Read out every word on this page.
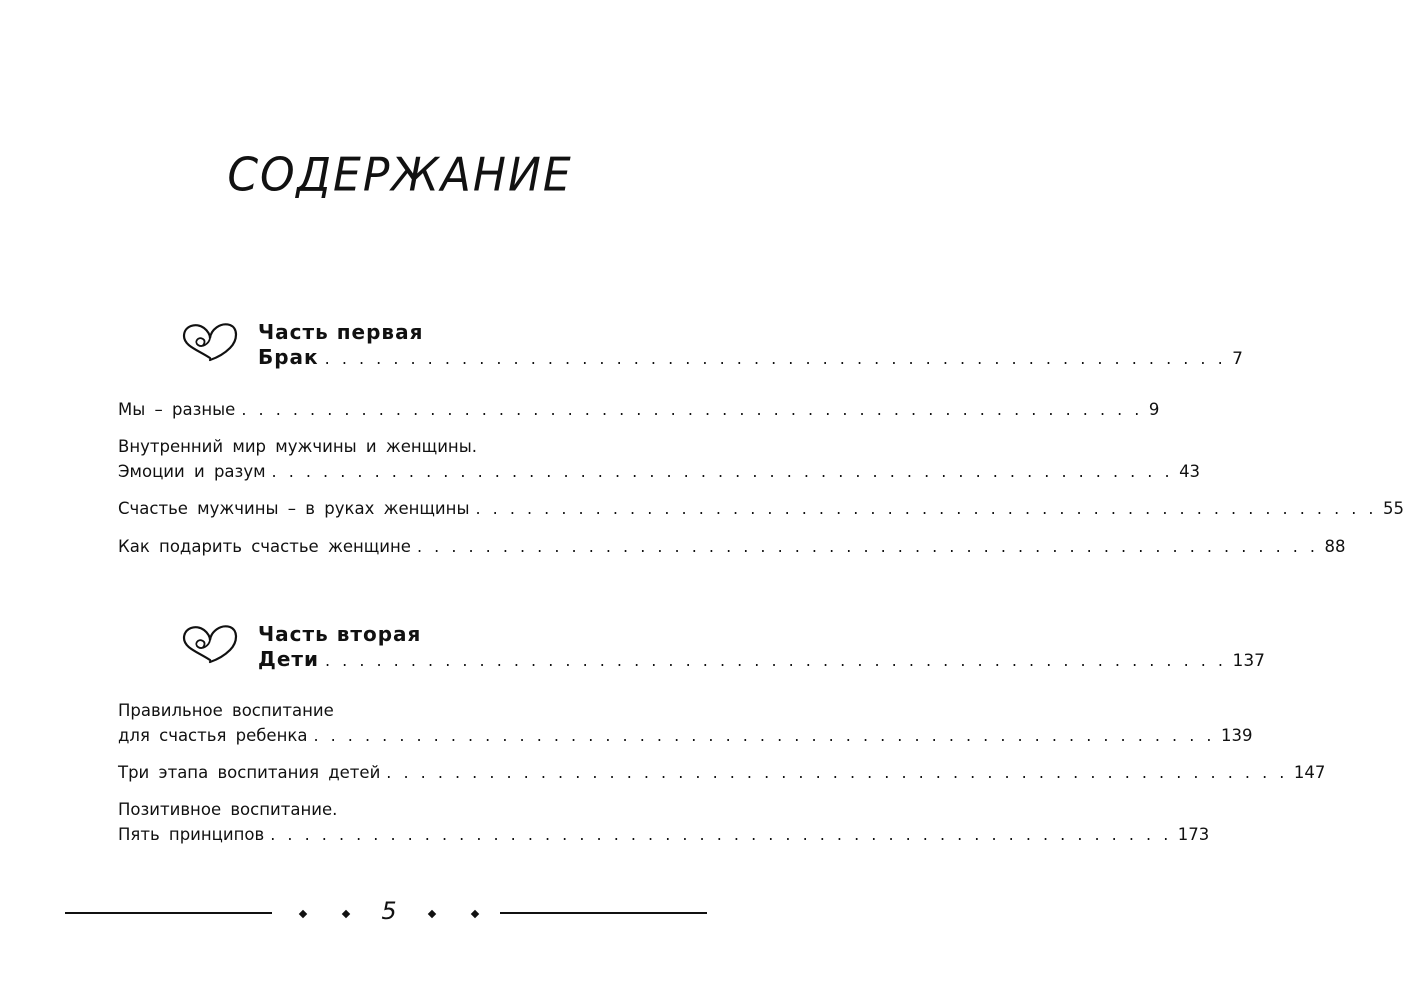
СОДЕРЖАНИЕ
Часть первая
Брак . . . . . . . . . . . . . . . . . . . . . . . . . . . . . . . . . . . . . . . . . . . . . . . . . . . . . 7
Мы – разные . . . . . . . . . . . . . . . . . . . . . . . . . . . . . . . . . . . . . . . . . . . . . . . . . . . . . 9
Внутренний мир мужчины и женщины.
Эмоции и разум . . . . . . . . . . . . . . . . . . . . . . . . . . . . . . . . . . . . . . . . . . . . . . . . . . . . . 43
Счастье мужчины – в руках женщины . . . . . . . . . . . . . . . . . . . . . . . . . . . . . . . . . . . . . . . . . . . . . . . . . . . . . 55
Как подарить счастье женщине . . . . . . . . . . . . . . . . . . . . . . . . . . . . . . . . . . . . . . . . . . . . . . . . . . . . . 88
Часть вторая
Дети . . . . . . . . . . . . . . . . . . . . . . . . . . . . . . . . . . . . . . . . . . . . . . . . . . . . . 137
Правильное воспитание
для счастья ребенка . . . . . . . . . . . . . . . . . . . . . . . . . . . . . . . . . . . . . . . . . . . . . . . . . . . . . 139
Три этапа воспитания детей . . . . . . . . . . . . . . . . . . . . . . . . . . . . . . . . . . . . . . . . . . . . . . . . . . . . . 147
Позитивное воспитание.
Пять принципов . . . . . . . . . . . . . . . . . . . . . . . . . . . . . . . . . . . . . . . . . . . . . . . . . . . . . 173
5
